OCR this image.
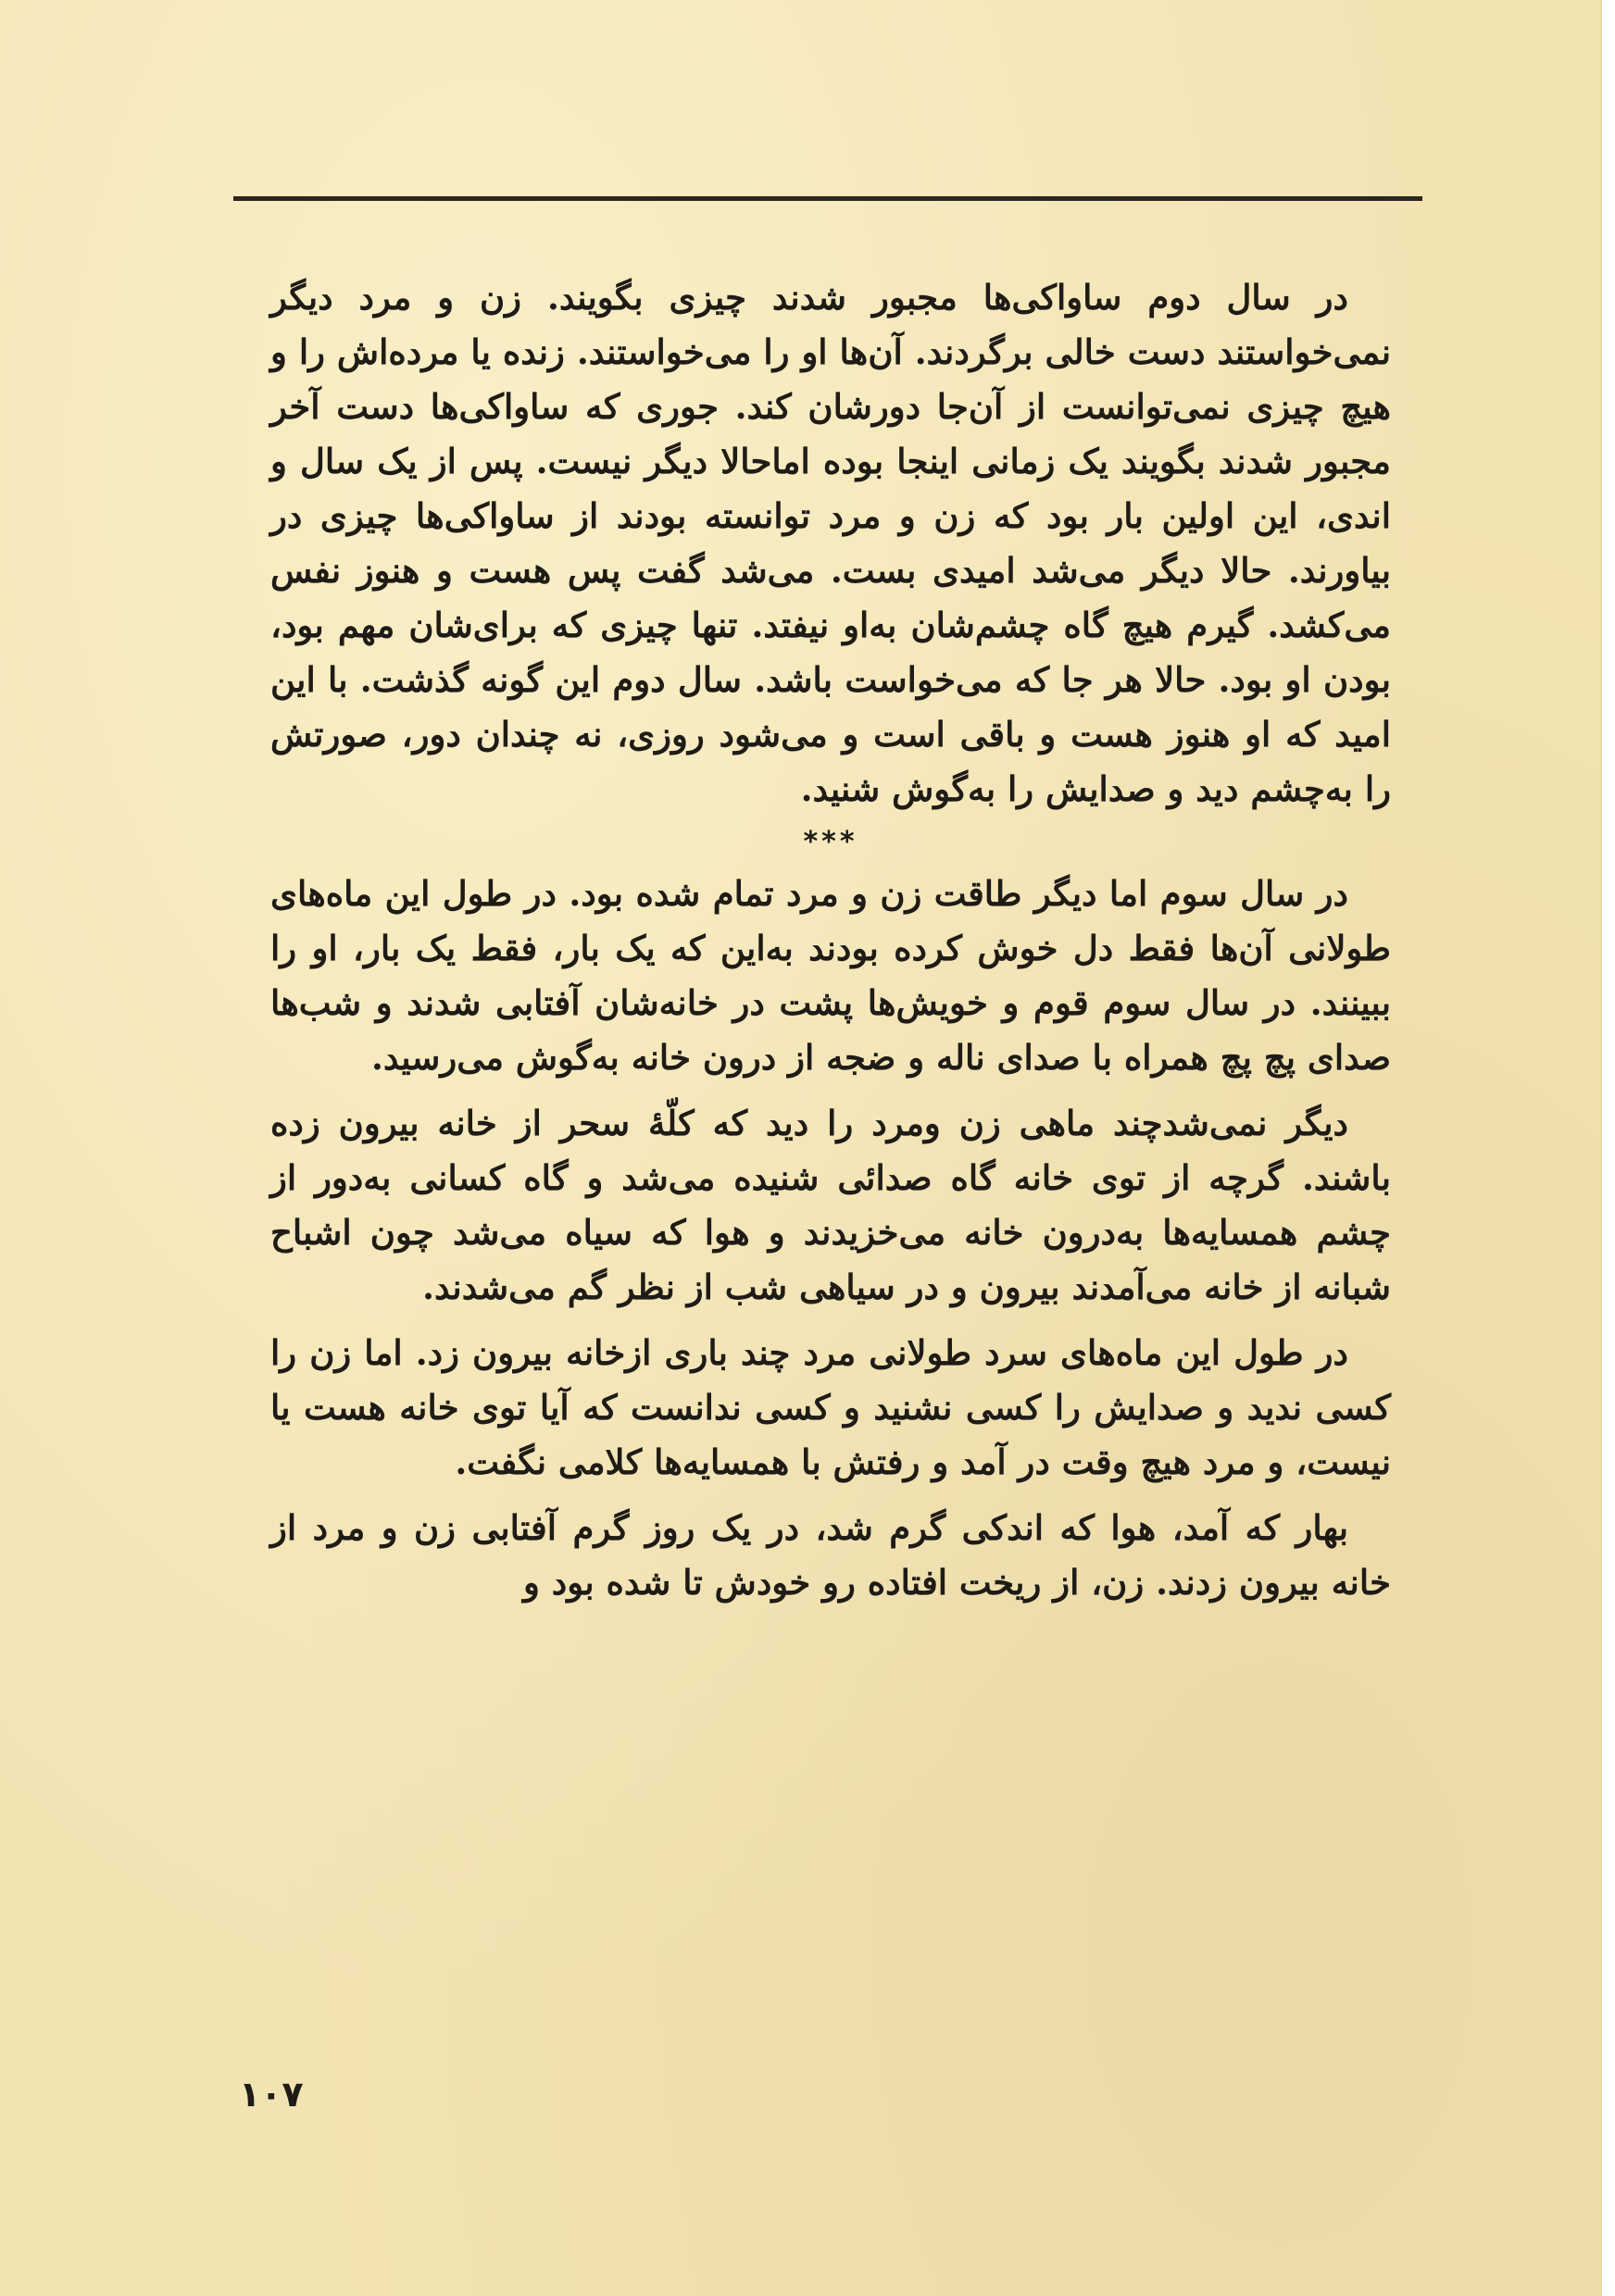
در سال دوم ساواکی‌ها مجبور شدند چیزی بگویند. زن و مرد دیگر نمی‌خواستند دست خالی برگردند. آن‌ها او را می‌خواستند. زنده یا مرده‌اش را و هیچ چیزی نمی‌توانست از آن‌جا دورشان کند. جوری که ساواکی‌ها دست آخر مجبور شدند بگویند یک زمانی اینجا بوده اماحالا دیگر نیست. پس از یک سال و اندی، این اولین بار بود که زن و مرد توانسته بودند از ساواکی‌ها چیزی در بیاورند. حالا دیگر می‌شد امیدی بست. می‌شد گفت پس هست و هنوز نفس می‌کشد. گیرم هیچ گاه چشم‌شان به‌او نیفتد. تنها چیزی که برای‌شان مهم بود، بودن او بود. حالا هر جا که می‌خواست باشد. سال دوم این گونه گذشت. با این امید که او هنوز هست و باقی است و می‌شود روزی، نه چندان دور، صورتش را به‌چشم دید و صدایش را به‌گوش شنید.

***

در سال سوم اما دیگر طاقت زن و مرد تمام شده بود. در طول این ماه‌های طولانی آن‌ها فقط دل خوش کرده بودند به‌این که یک بار، فقط یک بار، او را ببینند. در سال سوم قوم و خویش‌ها پشت در خانه‌شان آفتابی شدند و شب‌ها صدای پچ پچ همراه با صدای ناله و ضجه از درون خانه به‌گوش می‌رسید.

دیگر نمی‌شدچند ماهی زن ومرد را دید که کلّهٔ سحر از خانه بیرون زده باشند. گرچه از توی خانه گاه صدائی شنیده می‌شد و گاه کسانی به‌دور از چشم همسایه‌ها به‌درون خانه می‌خزیدند و هوا که سیاه می‌شد چون اشباح شبانه از خانه می‌آمدند بیرون و در سیاهی شب از نظر گم می‌شدند.

در طول این ماه‌های سرد طولانی مرد چند باری ازخانه بیرون زد. اما زن را کسی ندید و صدایش را کسی نشنید و کسی ندانست که آیا توی خانه هست یا نیست، و مرد هیچ وقت در آمد و رفتش با همسایه‌ها کلامی نگفت.

بهار که آمد، هوا که اندکی گرم شد، در یک روز گرم آفتابی زن و مرد از خانه بیرون زدند. زن، از ریخت افتاده رو خودش تا شده بود و

۱۰۷
